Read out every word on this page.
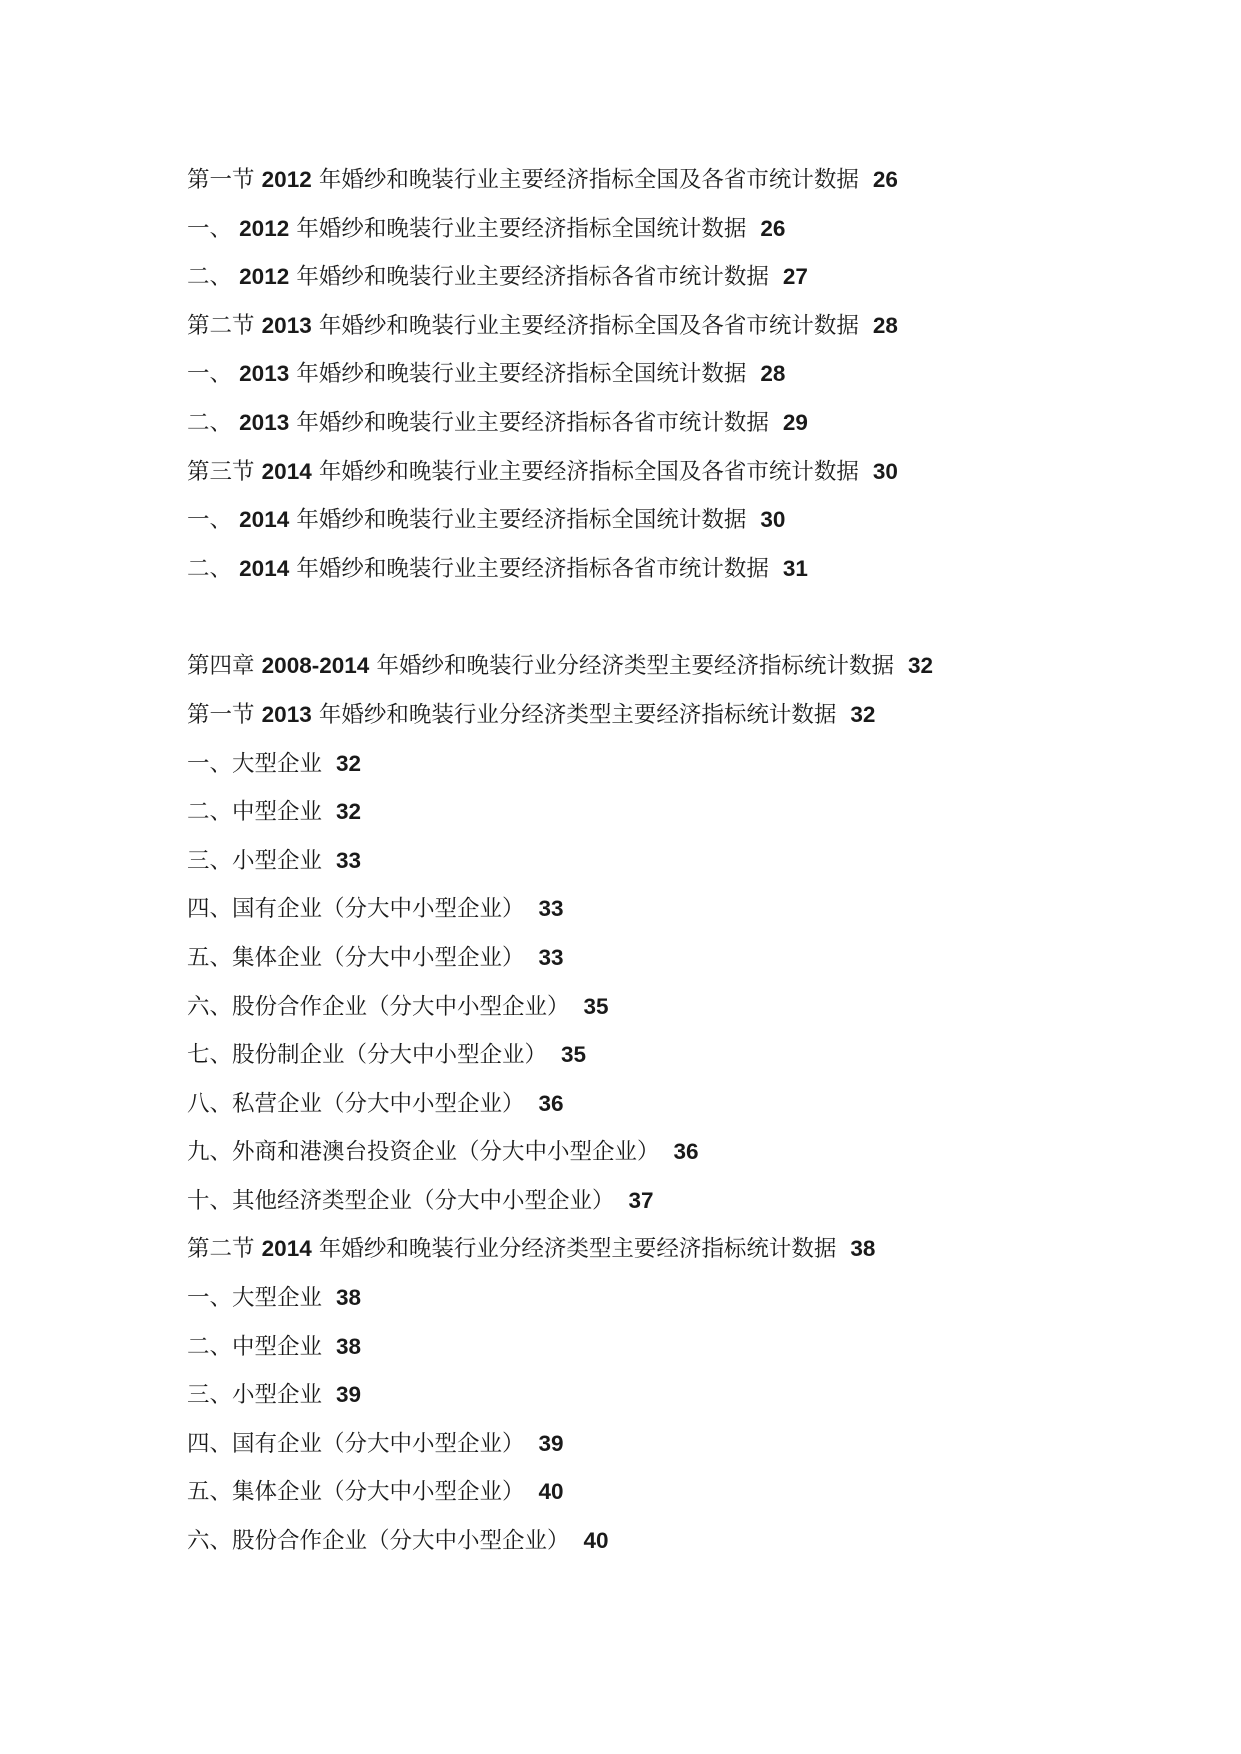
第一节 2012 年婚纱和晚装行业主要经济指标全国及各省市统计数据 26
一、 2012 年婚纱和晚装行业主要经济指标全国统计数据 26
二、 2012 年婚纱和晚装行业主要经济指标各省市统计数据 27
第二节 2013 年婚纱和晚装行业主要经济指标全国及各省市统计数据 28
一、 2013 年婚纱和晚装行业主要经济指标全国统计数据 28
二、 2013 年婚纱和晚装行业主要经济指标各省市统计数据 29
第三节 2014 年婚纱和晚装行业主要经济指标全国及各省市统计数据 30
一、 2014 年婚纱和晚装行业主要经济指标全国统计数据 30
二、 2014 年婚纱和晚装行业主要经济指标各省市统计数据 31
第四章 2008-2014 年婚纱和晚装行业分经济类型主要经济指标统计数据 32
第一节 2013 年婚纱和晚装行业分经济类型主要经济指标统计数据 32
一、大型企业 32
二、中型企业 32
三、小型企业 33
四、国有企业（分大中小型企业） 33
五、集体企业（分大中小型企业） 33
六、股份合作企业（分大中小型企业） 35
七、股份制企业（分大中小型企业） 35
八、私营企业（分大中小型企业） 36
九、外商和港澳台投资企业（分大中小型企业） 36
十、其他经济类型企业（分大中小型企业） 37
第二节 2014 年婚纱和晚装行业分经济类型主要经济指标统计数据 38
一、大型企业 38
二、中型企业 38
三、小型企业 39
四、国有企业（分大中小型企业） 39
五、集体企业（分大中小型企业） 40
六、股份合作企业（分大中小型企业） 40
